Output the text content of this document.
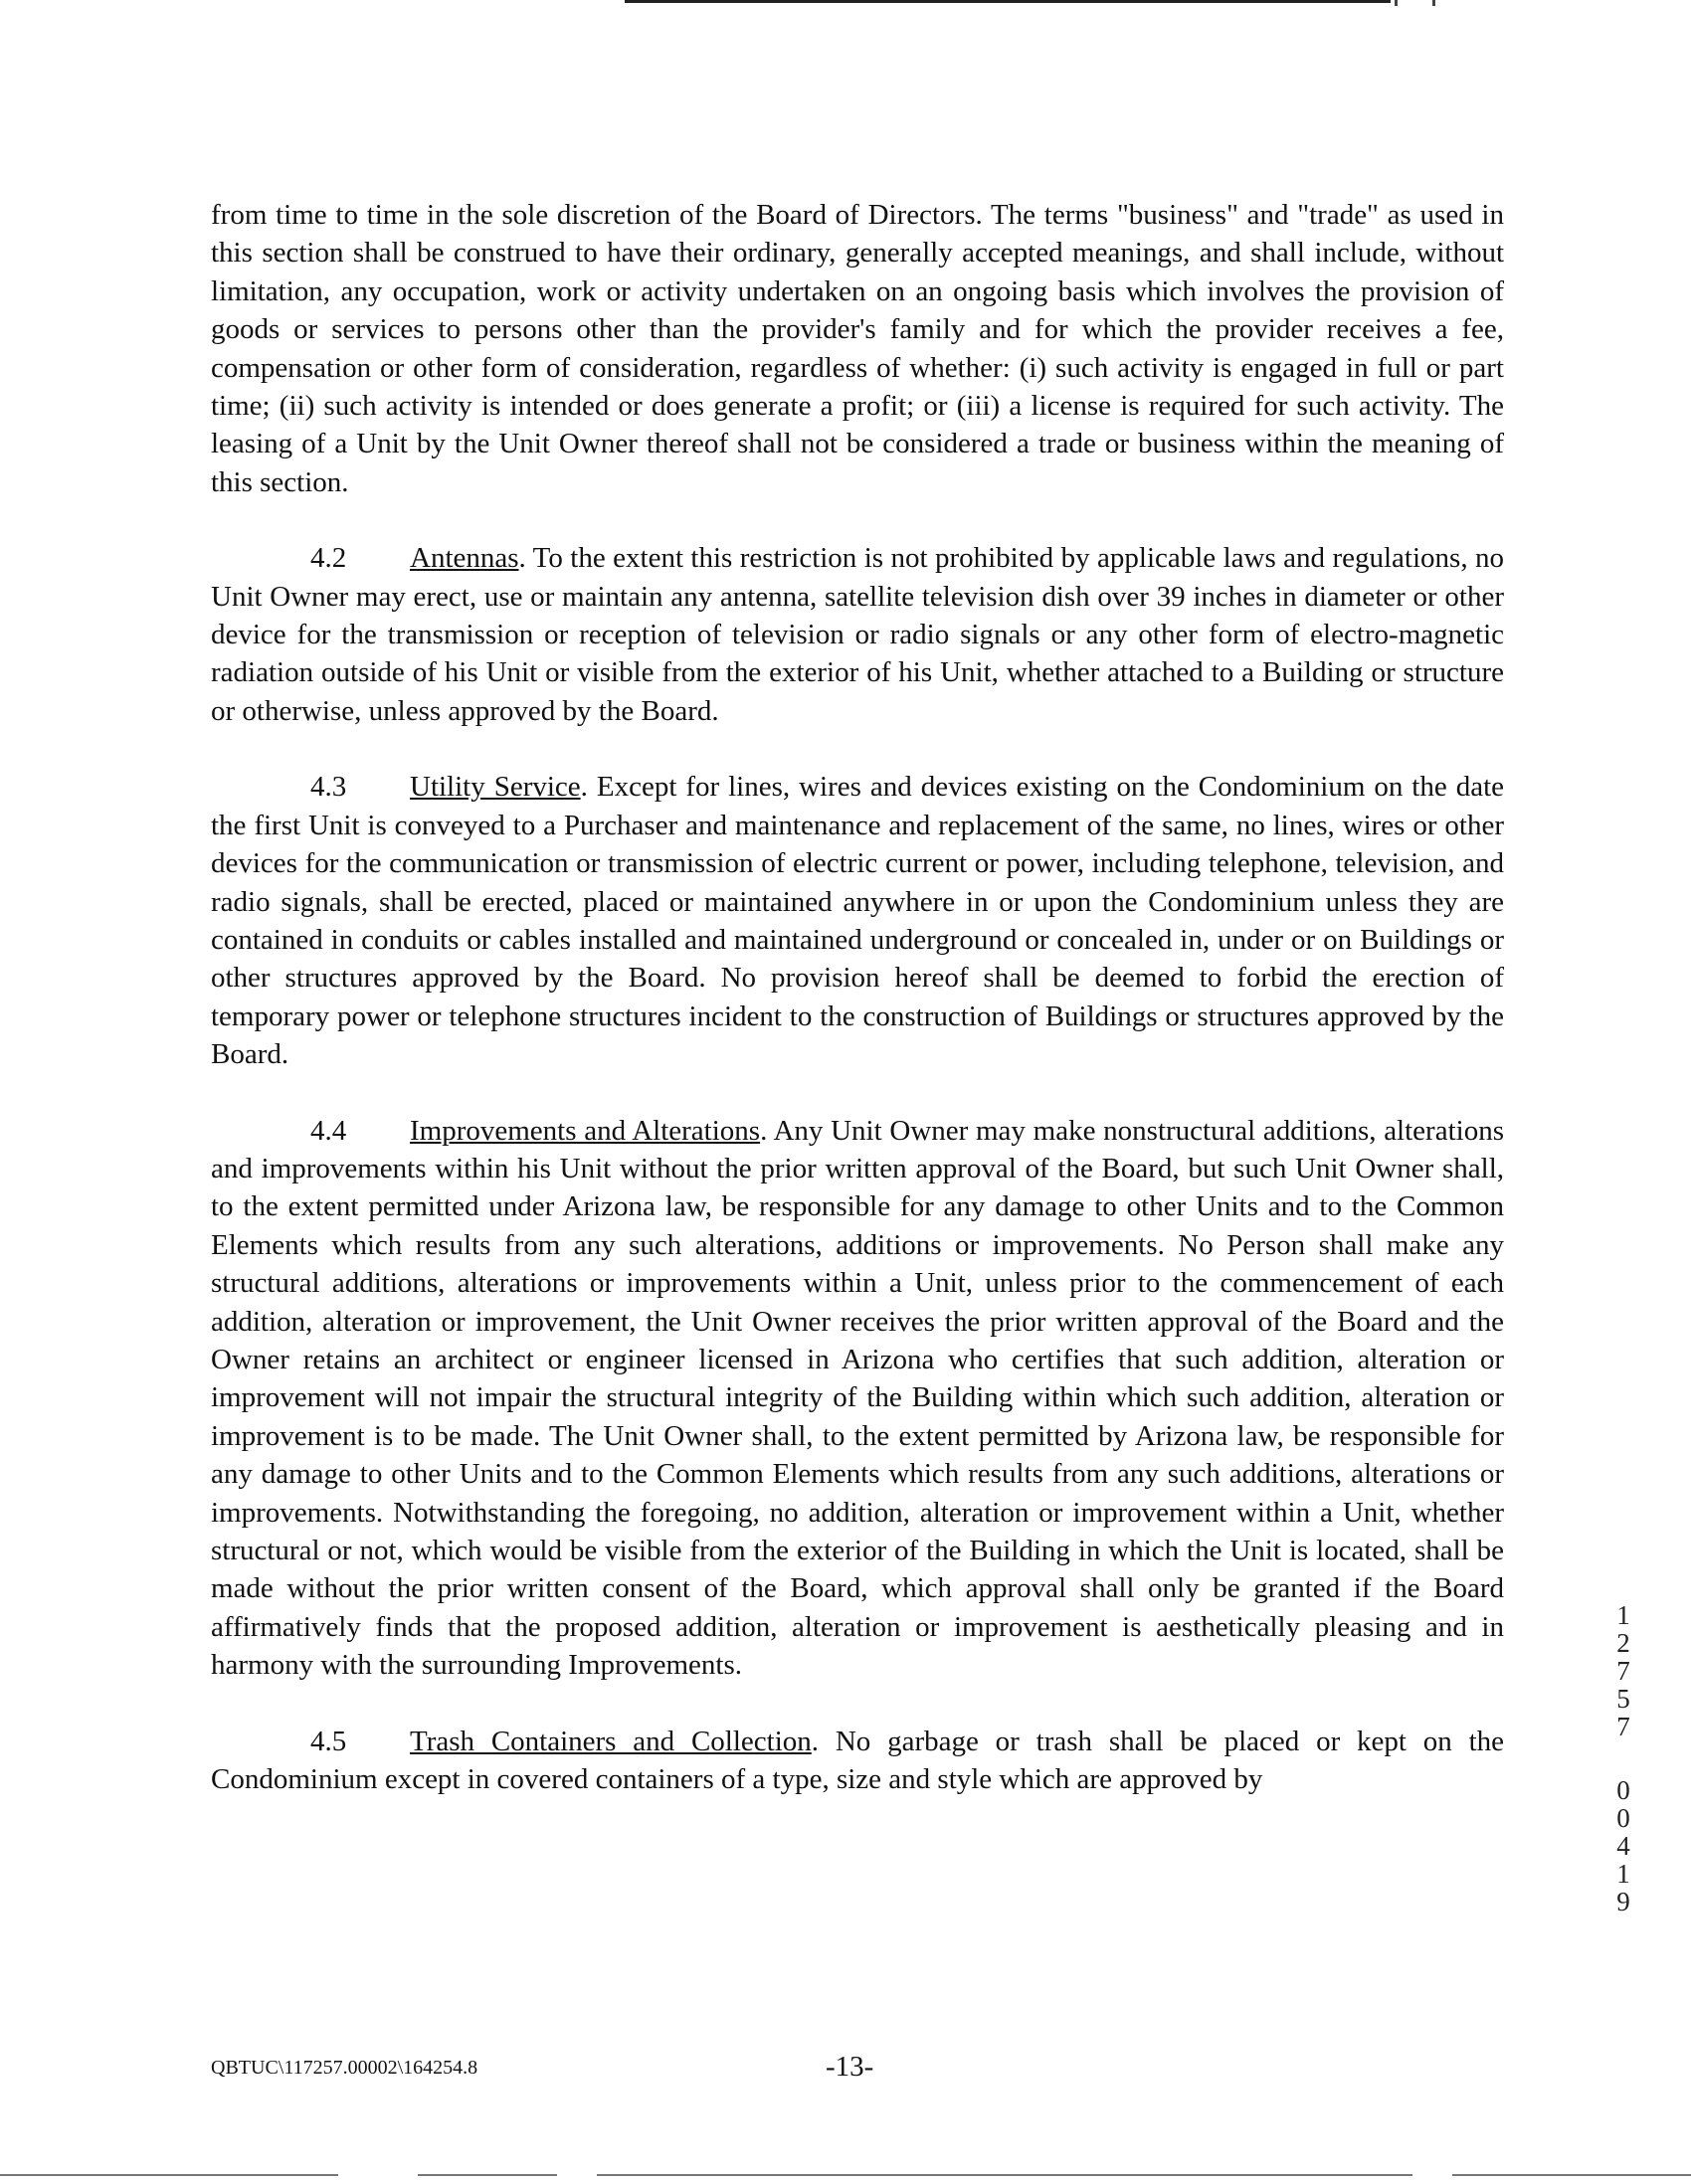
from time to time in the sole discretion of the Board of Directors. The terms "business" and "trade" as used in this section shall be construed to have their ordinary, generally accepted meanings, and shall include, without limitation, any occupation, work or activity undertaken on an ongoing basis which involves the provision of goods or services to persons other than the provider's family and for which the provider receives a fee, compensation or other form of consideration, regardless of whether: (i) such activity is engaged in full or part time; (ii) such activity is intended or does generate a profit; or (iii) a license is required for such activity. The leasing of a Unit by the Unit Owner thereof shall not be considered a trade or business within the meaning of this section.

4.2 Antennas. To the extent this restriction is not prohibited by applicable laws and regulations, no Unit Owner may erect, use or maintain any antenna, satellite television dish over 39 inches in diameter or other device for the transmission or reception of television or radio signals or any other form of electro-magnetic radiation outside of his Unit or visible from the exterior of his Unit, whether attached to a Building or structure or otherwise, unless approved by the Board.

4.3 Utility Service. Except for lines, wires and devices existing on the Condominium on the date the first Unit is conveyed to a Purchaser and maintenance and replacement of the same, no lines, wires or other devices for the communication or transmission of electric current or power, including telephone, television, and radio signals, shall be erected, placed or maintained anywhere in or upon the Condominium unless they are contained in conduits or cables installed and maintained underground or concealed in, under or on Buildings or other structures approved by the Board. No provision hereof shall be deemed to forbid the erection of temporary power or telephone structures incident to the construction of Buildings or structures approved by the Board.

4.4 Improvements and Alterations. Any Unit Owner may make nonstructural additions, alterations and improvements within his Unit without the prior written approval of the Board, but such Unit Owner shall, to the extent permitted under Arizona law, be responsible for any damage to other Units and to the Common Elements which results from any such alterations, additions or improvements. No Person shall make any structural additions, alterations or improvements within a Unit, unless prior to the commencement of each addition, alteration or improvement, the Unit Owner receives the prior written approval of the Board and the Owner retains an architect or engineer licensed in Arizona who certifies that such addition, alteration or improvement will not impair the structural integrity of the Building within which such addition, alteration or improvement is to be made. The Unit Owner shall, to the extent permitted by Arizona law, be responsible for any damage to other Units and to the Common Elements which results from any such additions, alterations or improvements. Notwithstanding the foregoing, no addition, alteration or improvement within a Unit, whether structural or not, which would be visible from the exterior of the Building in which the Unit is located, shall be made without the prior written consent of the Board, which approval shall only be granted if the Board affirmatively finds that the proposed addition, alteration or improvement is aesthetically pleasing and in harmony with the surrounding Improvements.

4.5 Trash Containers and Collection. No garbage or trash shall be placed or kept on the Condominium except in covered containers of a type, size and style which are approved by

1
2
7
5
7
0
0
4
1
9
QBTUC\117257.00002\164254.8	-13-
